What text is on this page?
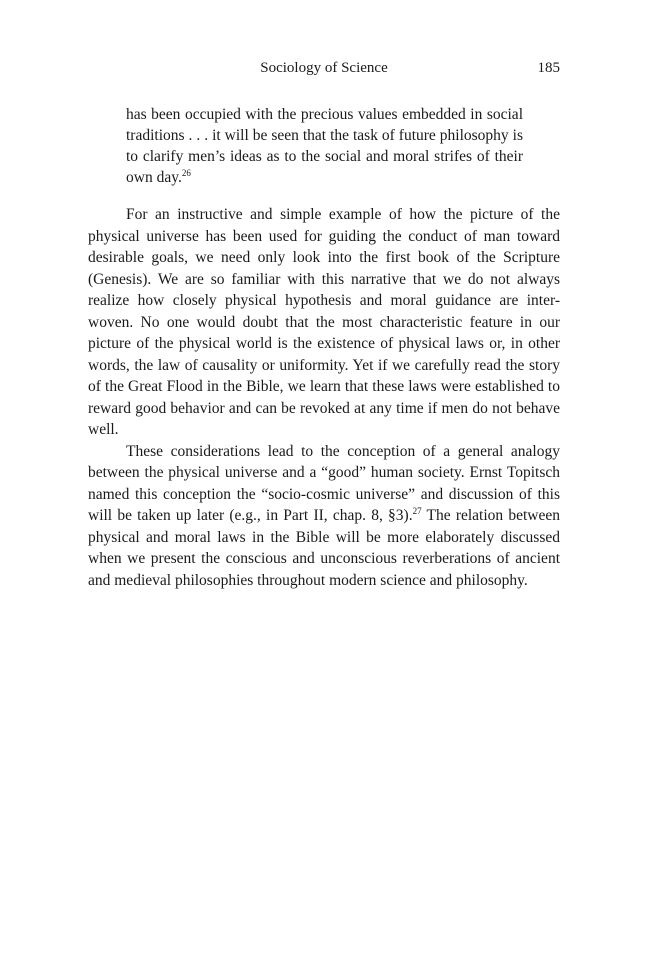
Sociology of Science	185

has been occupied with the precious values embedded in social traditions . . . it will be seen that the task of future philosophy is to clarify men’s ideas as to the social and moral strifes of their own day.$^{26}$

For an instructive and simple example of how the picture of the physical universe has been used for guiding the conduct of man toward desirable goals, we need only look into the first book of the Scripture (Genesis). We are so familiar with this narrative that we do not always realize how closely physical hypothesis and moral guidance are inter-woven. No one would doubt that the most characteristic feature in our picture of the physical world is the existence of physical laws or, in other words, the law of causality or uniformity. Yet if we carefully read the story of the Great Flood in the Bible, we learn that these laws were established to reward good behavior and can be revoked at any time if men do not behave well.

These considerations lead to the conception of a general analogy between the physical universe and a “good” human society. Ernst Topitsch named this conception the “socio-cosmic universe” and discussion of this will be taken up later (e.g., in Part II, chap. 8, §3).$^{27}$ The relation between physical and moral laws in the Bible will be more elaborately discussed when we present the conscious and unconscious reverberations of ancient and medieval philosophies throughout modern science and philosophy.
